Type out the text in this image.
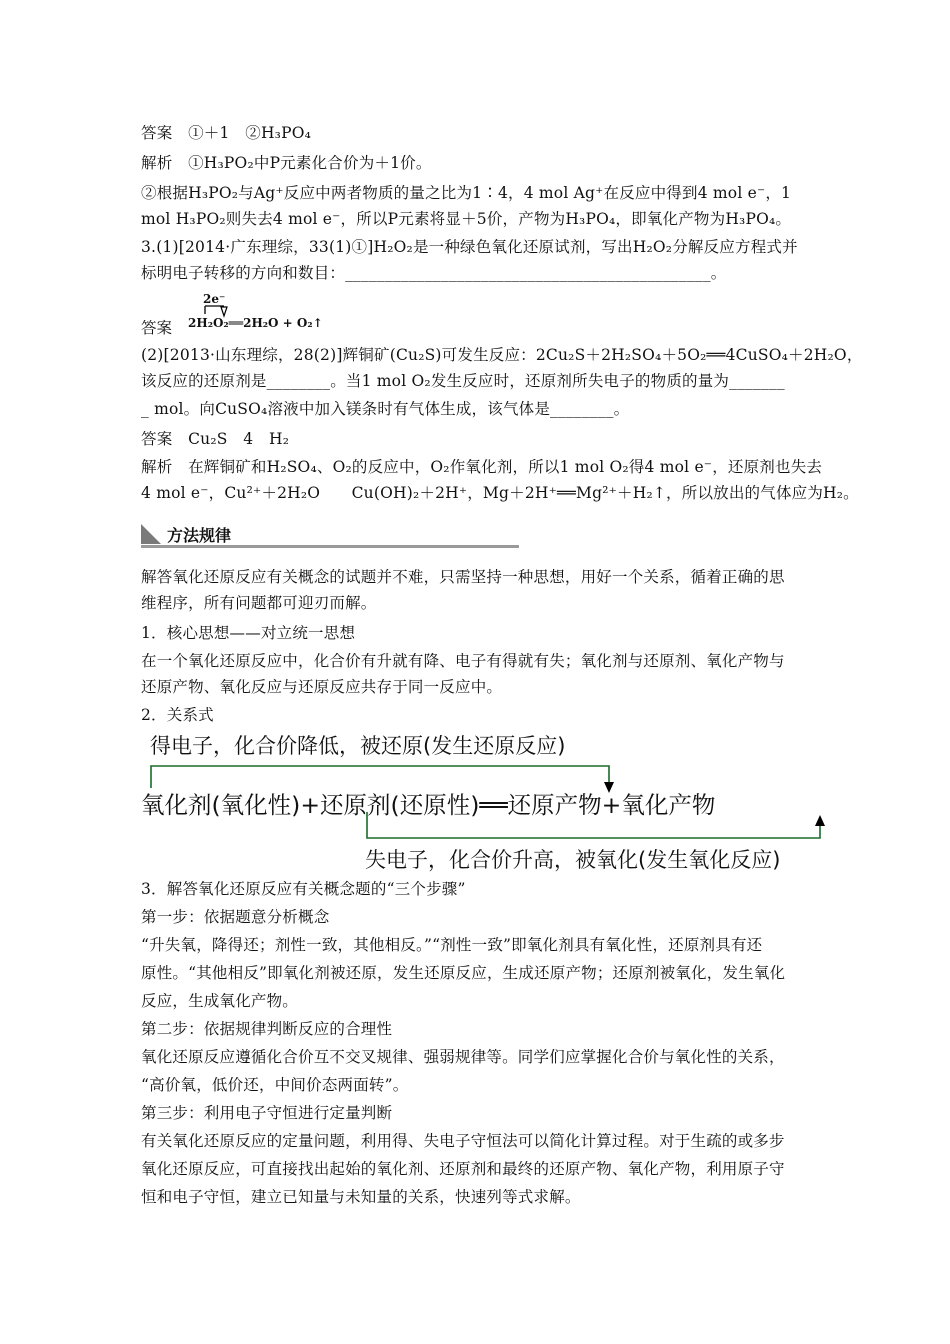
答案　①＋1　②H₃PO₄
解析　①H₃PO₂中P元素化合价为＋1价。
②根据H₃PO₂与Ag⁺反应中两者物质的量之比为1∶4，4 mol Ag⁺在反应中得到4 mol e⁻，1
mol H₃PO₂则失去4 mol e⁻，所以P元素将显＋5价，产物为H₃PO₄，即氧化产物为H₃PO₄。
3.(1)[2014·广东理综，33(1)①]H₂O₂是一种绿色氧化还原试剂，写出H₂O₂分解反应方程式并
标明电子转移的方向和数目：______________________________________________。
(2)[2013·山东理综，28(2)]辉铜矿(Cu₂S)可发生反应：2Cu₂S＋2H₂SO₄＋5O₂══4CuSO₄＋2H₂O，
该反应的还原剂是________。当1 mol O₂发生反应时，还原剂所失电子的物质的量为_______
_ mol。向CuSO₄溶液中加入镁条时有气体生成，该气体是________。
答案　Cu₂S　4　H₂
解析　在辉铜矿和H₂SO₄、O₂的反应中，O₂作氧化剂，所以1 mol O₂得4 mol e⁻，还原剂也失去
4 mol e⁻，Cu²⁺＋2H₂O　　Cu(OH)₂＋2H⁺，Mg＋2H⁺══Mg²⁺＋H₂↑，所以放出的气体应为H₂。
解答氧化还原反应有关概念的试题并不难，只需坚持一种思想，用好一个关系，循着正确的思
维程序，所有问题都可迎刃而解。
1．核心思想——对立统一思想
在一个氧化还原反应中，化合价有升就有降、电子有得就有失；氧化剂与还原剂、氧化产物与
还原产物、氧化反应与还原反应共存于同一反应中。
2．关系式
3．解答氧化还原反应有关概念题的“三个步骤”
第一步：依据题意分析概念
“升失氧，降得还；剂性一致，其他相反。”“剂性一致”即氧化剂具有氧化性，还原剂具有还
原性。“其他相反”即氧化剂被还原，发生还原反应，生成还原产物；还原剂被氧化，发生氧化
反应，生成氧化产物。
第二步：依据规律判断反应的合理性
氧化还原反应遵循化合价互不交叉规律、强弱规律等。同学们应掌握化合价与氧化性的关系，
“高价氧，低价还，中间价态两面转”。
第三步：利用电子守恒进行定量判断
有关氧化还原反应的定量问题，利用得、失电子守恒法可以简化计算过程。对于生疏的或多步
氧化还原反应，可直接找出起始的氧化剂、还原剂和最终的还原产物、氧化产物，利用原子守
恒和电子守恒，建立已知量与未知量的关系，快速列等式求解。
答案
2e⁻
2H₂O₂══2H₂O + O₂↑
方法规律
得电子，化合价降低，被还原(发生还原反应)
氧化剂(氧化性)+还原剂(还原性)══还原产物+氧化产物
失电子，化合价升高，被氧化(发生氧化反应)
